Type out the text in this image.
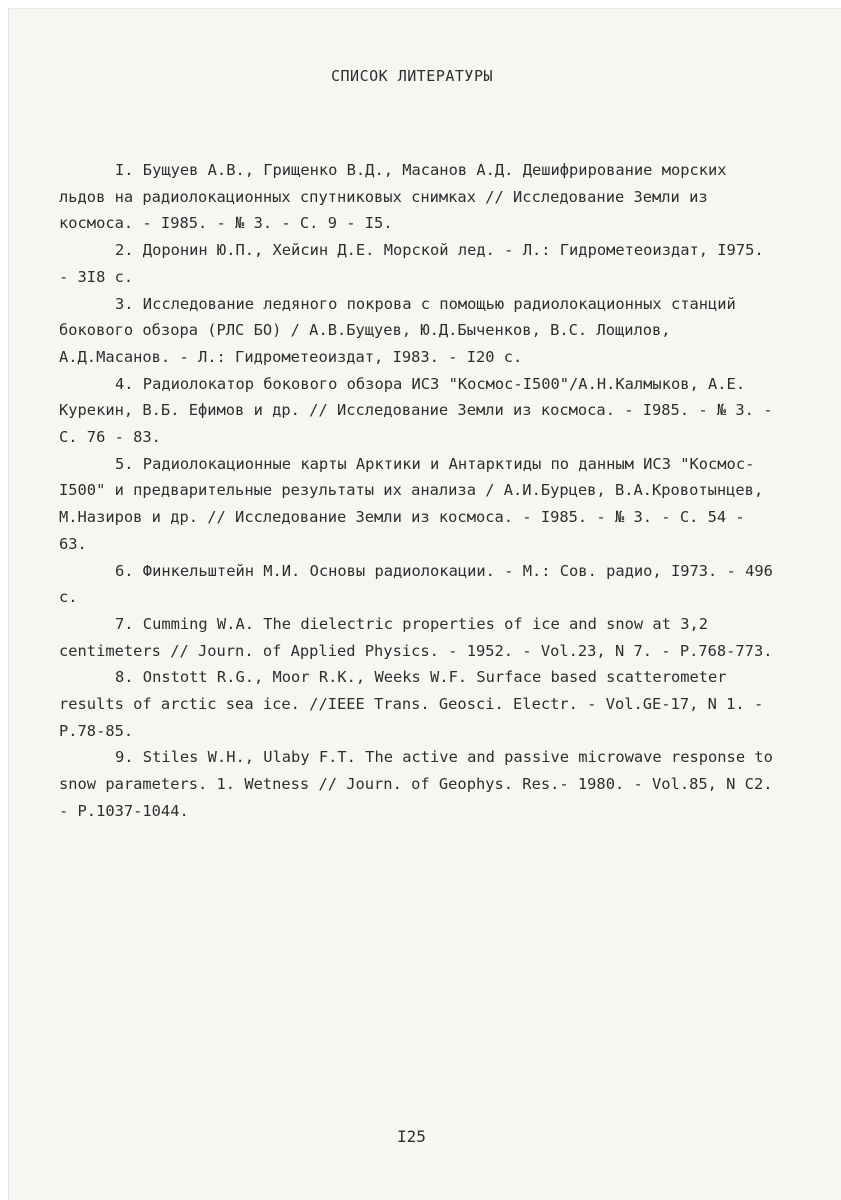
СПИСОК ЛИТЕРАТУРЫ

I. Бущуев А.В., Грищенко В.Д., Масанов А.Д. Дешифрирование морских льдов на радиолокационных спутниковых снимках // Исследование Земли из космоса. - I985. - № 3. - С. 9 - I5.

2. Доронин Ю.П., Хейсин Д.Е. Морской лед. - Л.: Гидрометеоиздат, I975. - 3I8 с.

3. Исследование ледяного покрова с помощью радиолокационных станций бокового обзора (РЛС БО) / А.В.Бущуев, Ю.Д.Быченков, В.С. Лощилов, А.Д.Масанов. - Л.: Гидрометеоиздат, I983. - I20 с.

4. Радиолокатор бокового обзора ИСЗ "Космос-I500"/А.Н.Калмыков, А.Е. Курекин, В.Б. Ефимов и др. // Исследование Земли из космоса. - I985. - № 3. - С. 76 - 83.

5. Радиолокационные карты Арктики и Антарктиды по данным ИСЗ "Космос-I500" и предварительные результаты их анализа / А.И.Бурцев, В.А.Кровотынцев, М.Назиров и др. // Исследование Земли из космоса. - I985. - № 3. - С. 54 - 63.

6. Финкельштейн М.И. Основы радиолокации. - М.: Сов. радио, I973. - 496 с.

7. Cumming W.A. The dielectric properties of ice and snow at 3,2 centimeters // Journ. of Applied Physics. - 1952. - Vol.23, N 7. - P.768-773.

8. Onstott R.G., Moor R.K., Weeks W.F. Surface based scatterometer results of arctic sea ice. //IEEE Trans. Geosci. Electr. - Vol.GE-17, N 1. - P.78-85.

9. Stiles W.H., Ulaby F.T. The active and passive microwave response to snow parameters. 1. Wetness // Journ. of Geophys. Res.- 1980. - Vol.85, N C2. - P.1037-1044.

I25
